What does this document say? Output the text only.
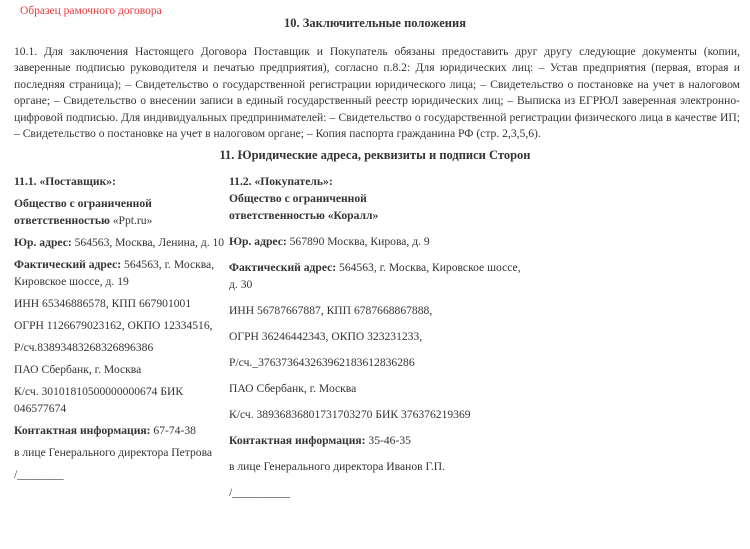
Образец рамочного договора
10. Заключительные положения
10.1. Для заключения Настоящего Договора Поставщик и Покупатель обязаны предоставить друг другу следующие документы (копии, заверенные подписью руководителя и печатью предприятия), согласно п.8.2: Для юридических лиц: – Устав предприятия (первая, вторая и последняя страница); – Свидетельство о государственной регистрации юридического лица; – Свидетельство о постановке на учет в налоговом органе; – Свидетельство о внесении записи в единый государственный реестр юридических лиц; – Выписка из ЕГРЮЛ заверенная электронно-цифровой подписью. Для индивидуальных предпринимателей: – Свидетельство о государственной регистрации физического лица в качестве ИП; – Свидетельство о постановке на учет в налоговом органе; – Копия паспорта гражданина РФ (стр. 2,3,5,6).
11. Юридические адреса, реквизиты и подписи Сторон
11.1. «Поставщик»:
Общество с ограниченной ответственностью «Ppt.ru»
Юр. адрес: 564563, Москва, Ленина, д. 10
Фактический адрес: 564563, г. Москва, Кировское шоссе, д. 19
ИНН 65346886578, КПП 667901001
ОГРН 1126679023162, ОКПО 12334516,
Р/сч.83893483268326896386
ПАО Сбербанк, г. Москва
К/сч. 30101810500000000674 БИК 046577674
Контактная информация: 67-74-38
в лице Генерального директора Петрова
/________
11.2. «Покупатель»:
Общество с ограниченной ответственностью «Коралл»
Юр. адрес: 567890 Москва, Кирова, д. 9
Фактический адрес: 564563, г. Москва, Кировское шоссе, д. 30
ИНН 56787667887, КПП 6787668867888,
ОГРН 36246442343, ОКПО 323231233,
Р/сч._376373643263962183612836286
ПАО Сбербанк, г. Москва
К/сч. 38936836801731703270 БИК 376376219369
Контактная информация: 35-46-35
в лице Генерального директора Иванов Г.П.
/__________
